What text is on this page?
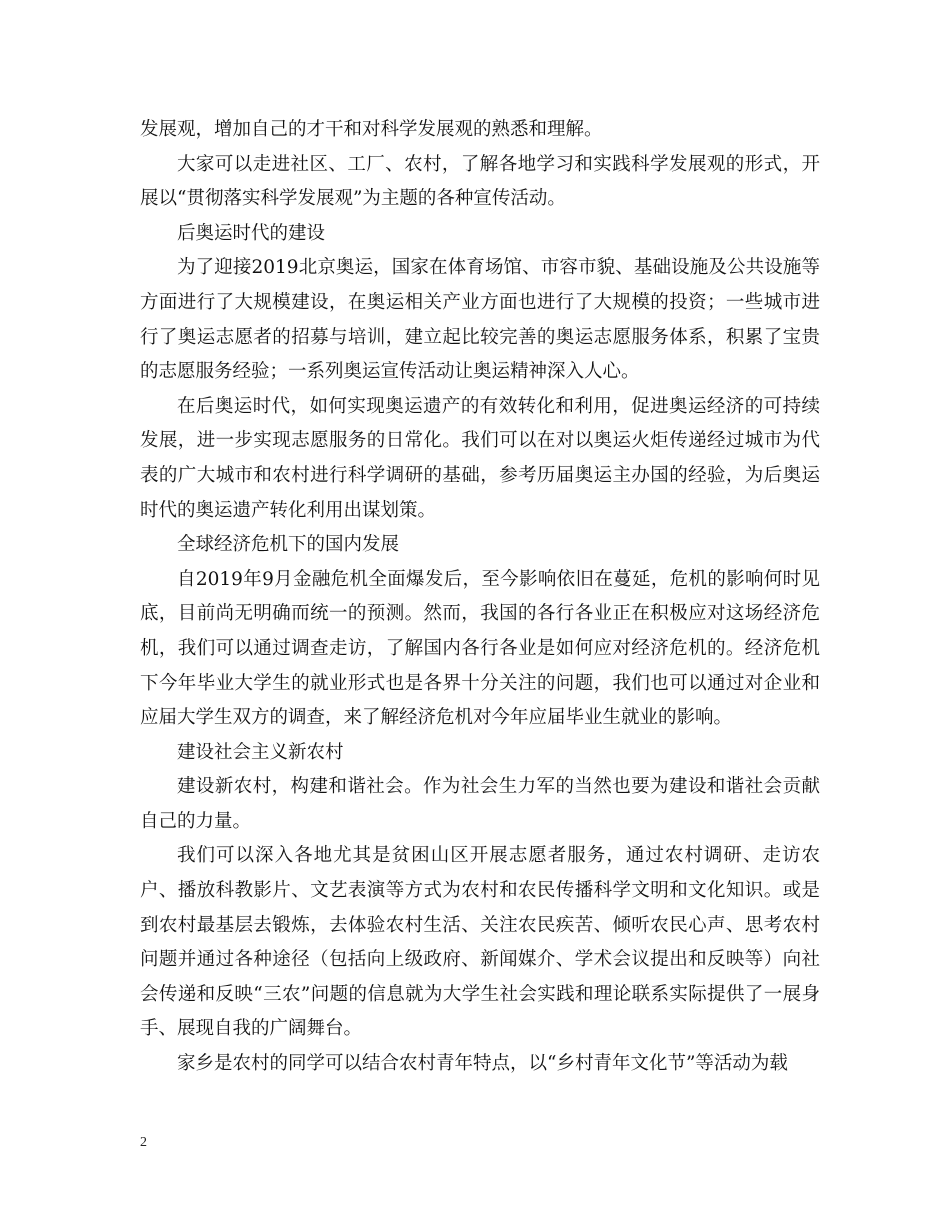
发展观，增加自己的才干和对科学发展观的熟悉和理解。

大家可以走进社区、工厂、农村，了解各地学习和实践科学发展观的形式，开展以“贯彻落实科学发展观”为主题的各种宣传活动。

后奥运时代的建设

为了迎接2019北京奥运，国家在体育场馆、市容市貌、基础设施及公共设施等方面进行了大规模建设，在奥运相关产业方面也进行了大规模的投资；一些城市进行了奥运志愿者的招募与培训，建立起比较完善的奥运志愿服务体系，积累了宝贵的志愿服务经验；一系列奥运宣传活动让奥运精神深入人心。

在后奥运时代，如何实现奥运遗产的有效转化和利用，促进奥运经济的可持续发展，进一步实现志愿服务的日常化。我们可以在对以奥运火炬传递经过城市为代表的广大城市和农村进行科学调研的基础，参考历届奥运主办国的经验，为后奥运时代的奥运遗产转化利用出谋划策。

全球经济危机下的国内发展

自2019年9月金融危机全面爆发后，至今影响依旧在蔓延，危机的影响何时见底，目前尚无明确而统一的预测。然而，我国的各行各业正在积极应对这场经济危机，我们可以通过调查走访，了解国内各行各业是如何应对经济危机的。经济危机下今年毕业大学生的就业形式也是各界十分关注的问题，我们也可以通过对企业和应届大学生双方的调查，来了解经济危机对今年应届毕业生就业的影响。

建设社会主义新农村

建设新农村，构建和谐社会。作为社会生力军的当然也要为建设和谐社会贡献自己的力量。

我们可以深入各地尤其是贫困山区开展志愿者服务，通过农村调研、走访农户、播放科教影片、文艺表演等方式为农村和农民传播科学文明和文化知识。或是到农村最基层去锻炼，去体验农村生活、关注农民疾苦、倾听农民心声、思考农村问题并通过各种途径（包括向上级政府、新闻媒介、学术会议提出和反映等）向社会传递和反映“三农”问题的信息就为大学生社会实践和理论联系实际提供了一展身手、展现自我的广阔舞台。

家乡是农村的同学可以结合农村青年特点，以“乡村青年文化节”等活动为载

2
